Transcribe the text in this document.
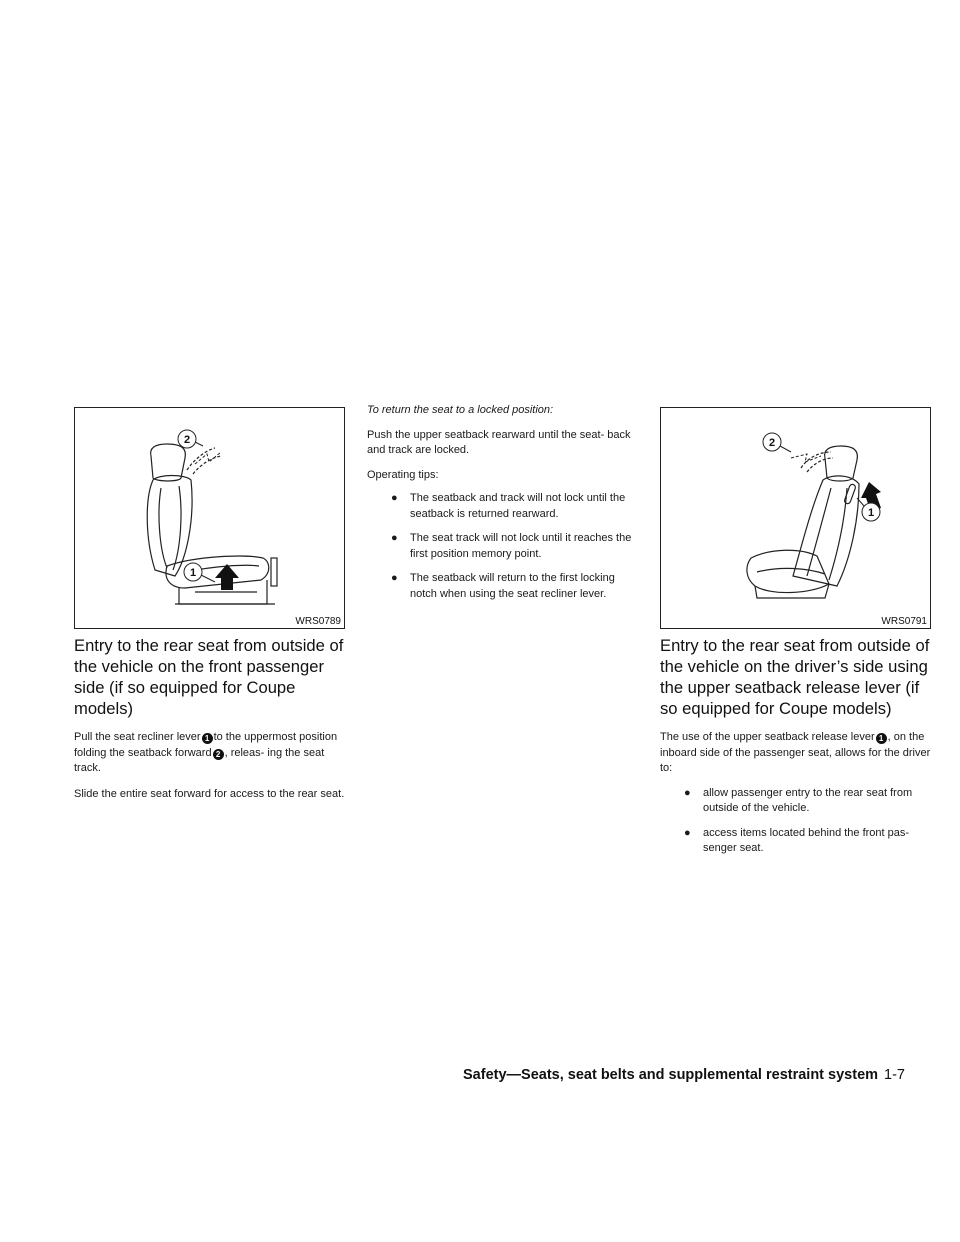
2
1
WRS0789
Entry to the rear seat from outside of the vehicle on the front passenger side (if so equipped for Coupe models)

Pull the seat recliner lever 1 to the uppermost position folding the seatback forward 2 , releas- ing the seat track.

Slide the entire seat forward for access to the rear seat.

To return the seat to a locked position:

Push the upper seatback rearward until the seat- back and track are locked.

Operating tips:

● The seatback and track will not lock until the seatback is returned rearward.
● The seat track will not lock until it reaches the first position memory point.
● The seatback will return to the first locking notch when using the seat recliner lever.
2
1
WRS0791
Entry to the rear seat from outside of the vehicle on the driver’s side using the upper seatback release lever (if so equipped for Coupe models)

The use of the upper seatback release lever 1 , on the inboard side of the passenger seat, allows for the driver to:

● allow passenger entry to the rear seat from outside of the vehicle.
● access items located behind the front pas- senger seat.
Safety—Seats, seat belts and supplemental restraint system 1-7
